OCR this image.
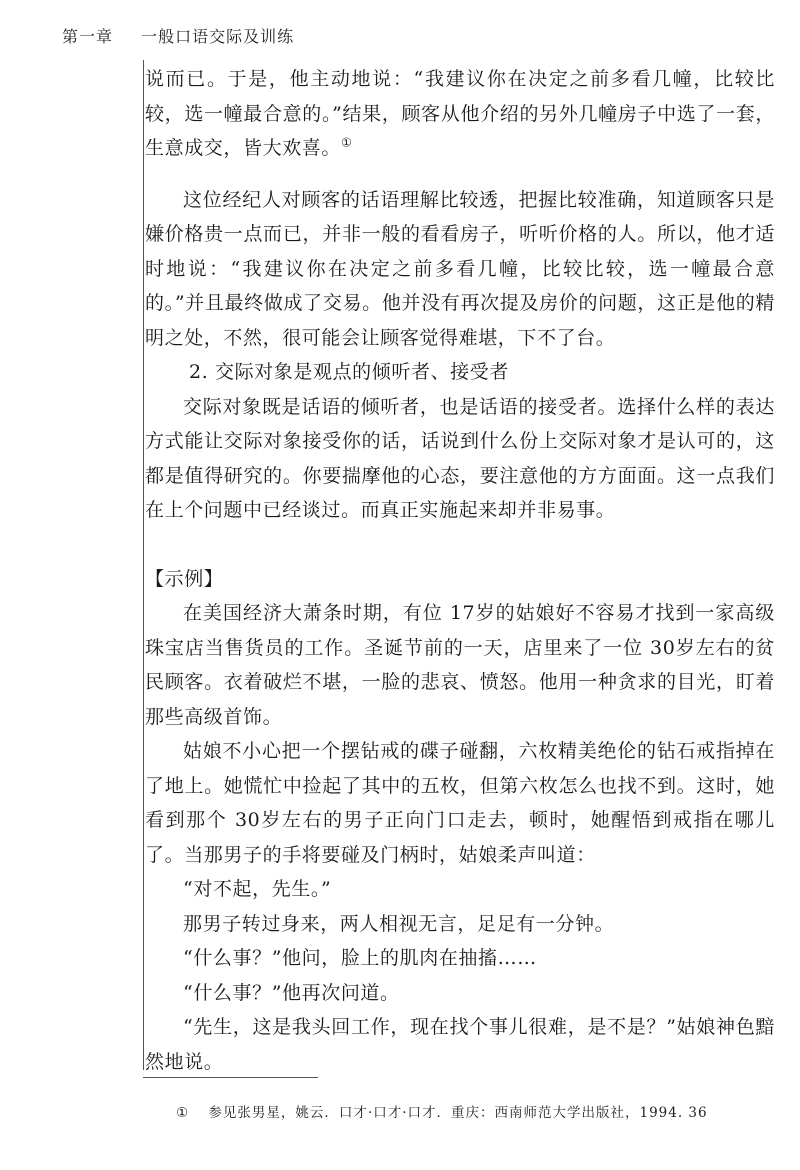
第一章 一般口语交际及训练

说而已。于是，他主动地说：“我建议你在决定之前多看几幢，比较比较，选一幢最合意的。”结果，顾客从他介绍的另外几幢房子中选了一套，生意成交，皆大欢喜。①

这位经纪人对顾客的话语理解比较透，把握比较准确，知道顾客只是嫌价格贵一点而已，并非一般的看看房子，听听价格的人。所以，他才适时地说：“我建议你在决定之前多看几幢，比较比较，选一幢最合意的。”并且最终做成了交易。他并没有再次提及房价的问题，这正是他的精明之处，不然，很可能会让顾客觉得难堪，下不了台。

2. 交际对象是观点的倾听者、接受者

交际对象既是话语的倾听者，也是话语的接受者。选择什么样的表达方式能让交际对象接受你的话，话说到什么份上交际对象才是认可的，这都是值得研究的。你要揣摩他的心态，要注意他的方方面面。这一点我们在上个问题中已经谈过。而真正实施起来却并非易事。

【示例】

在美国经济大萧条时期，有位 17岁的姑娘好不容易才找到一家高级珠宝店当售货员的工作。圣诞节前的一天，店里来了一位 30岁左右的贫民顾客。衣着破烂不堪，一脸的悲哀、愤怒。他用一种贪求的目光，盯着那些高级首饰。

姑娘不小心把一个摆钻戒的碟子碰翻，六枚精美绝伦的钻石戒指掉在了地上。她慌忙中捡起了其中的五枚，但第六枚怎么也找不到。这时，她看到那个 30岁左右的男子正向门口走去，顿时，她醒悟到戒指在哪儿了。当那男子的手将要碰及门柄时，姑娘柔声叫道：

“对不起，先生。”

那男子转过身来，两人相视无言，足足有一分钟。

“什么事？”他问，脸上的肌肉在抽搐……

“什么事？”他再次问道。

“先生，这是我头回工作，现在找个事儿很难，是不是？”姑娘神色黯然地说。

① 参见张男星，姚云．口才·口才·口才．重庆：西南师范大学出版社，1994. 36
